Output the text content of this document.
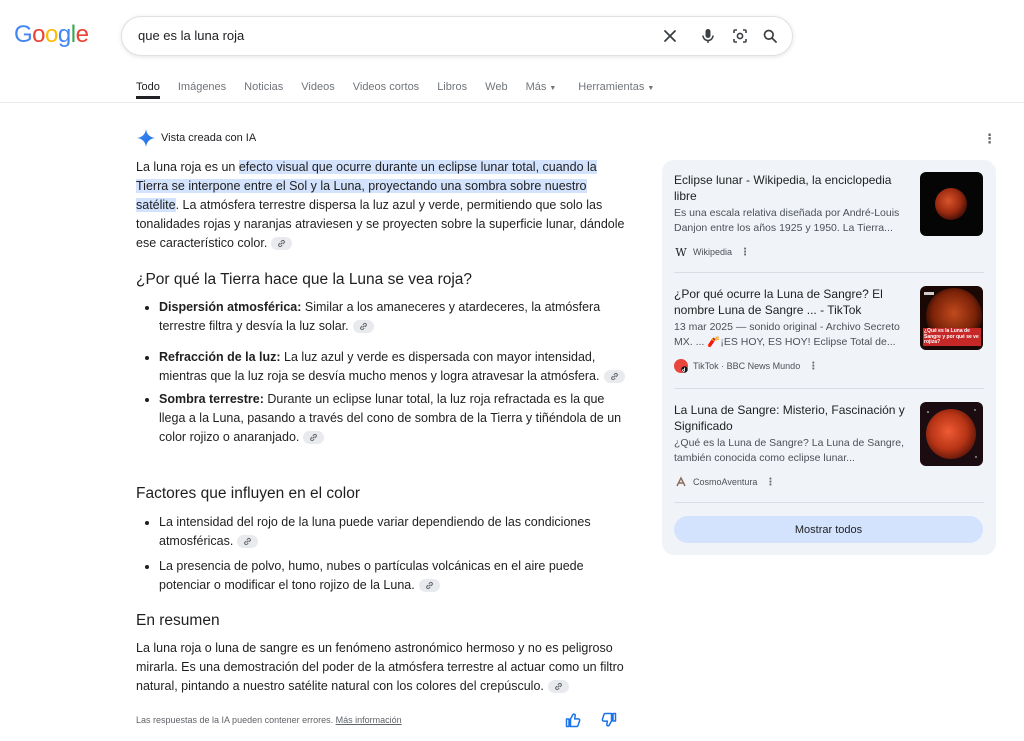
Google
que es la luna roja
Todo Imágenes Noticias Videos Videos cortos Libros Web Más ▼ Herramientas ▼
Vista creada con IA	⋮
La luna roja es un efecto visual que ocurre durante un eclipse lunar total, cuando la Tierra se interpone entre el Sol y la Luna, proyectando una sombra sobre nuestro satélite. La atmósfera terrestre dispersa la luz azul y verde, permitiendo que solo las tonalidades rojas y naranjas atraviesen y se proyecten sobre la superficie lunar, dándole ese característico color.
¿Por qué la Tierra hace que la Luna se vea roja?
Dispersión atmosférica: Similar a los amaneceres y atardeceres, la atmósfera terrestre filtra y desvía la luz solar.
Refracción de la luz: La luz azul y verde es dispersada con mayor intensidad, mientras que la luz roja se desvía mucho menos y logra atravesar la atmósfera.
Sombra terrestre: Durante un eclipse lunar total, la luz roja refractada es la que llega a la Luna, pasando a través del cono de sombra de la Tierra y tiñéndola de un color rojizo o anaranjado.
Factores que influyen en el color
La intensidad del rojo de la luna puede variar dependiendo de las condiciones atmosféricas.
La presencia de polvo, humo, nubes o partículas volcánicas en el aire puede potenciar o modificar el tono rojizo de la Luna.
En resumen
La luna roja o luna de sangre es un fenómeno astronómico hermoso y no es peligroso mirarla. Es una demostración del poder de la atmósfera terrestre al actuar como un filtro natural, pintando a nuestro satélite natural con los colores del crepúsculo.
Las respuestas de la IA pueden contener errores. Más información
Eclipse lunar - Wikipedia, la enciclopedia libre
Es una escala relativa diseñada por André-Louis Danjon entre los años 1925 y 1950. La Tierra...
W Wikipedia ⋮
¿Por qué ocurre la Luna de Sangre? El nombre Luna de Sangre ... - TikTok
13 mar 2025 — sonido original - Archivo Secreto MX. ... 🧨¡ES HOY, ES HOY! Eclipse Total de...
TikTok · BBC News Mundo ⋮
¿Qué es la Luna de Sangre y por qué se ve rojiza?
La Luna de Sangre: Misterio, Fascinación y Significado
¿Qué es la Luna de Sangre? La Luna de Sangre, también conocida como eclipse lunar...
CosmoAventura ⋮
Mostrar todos
